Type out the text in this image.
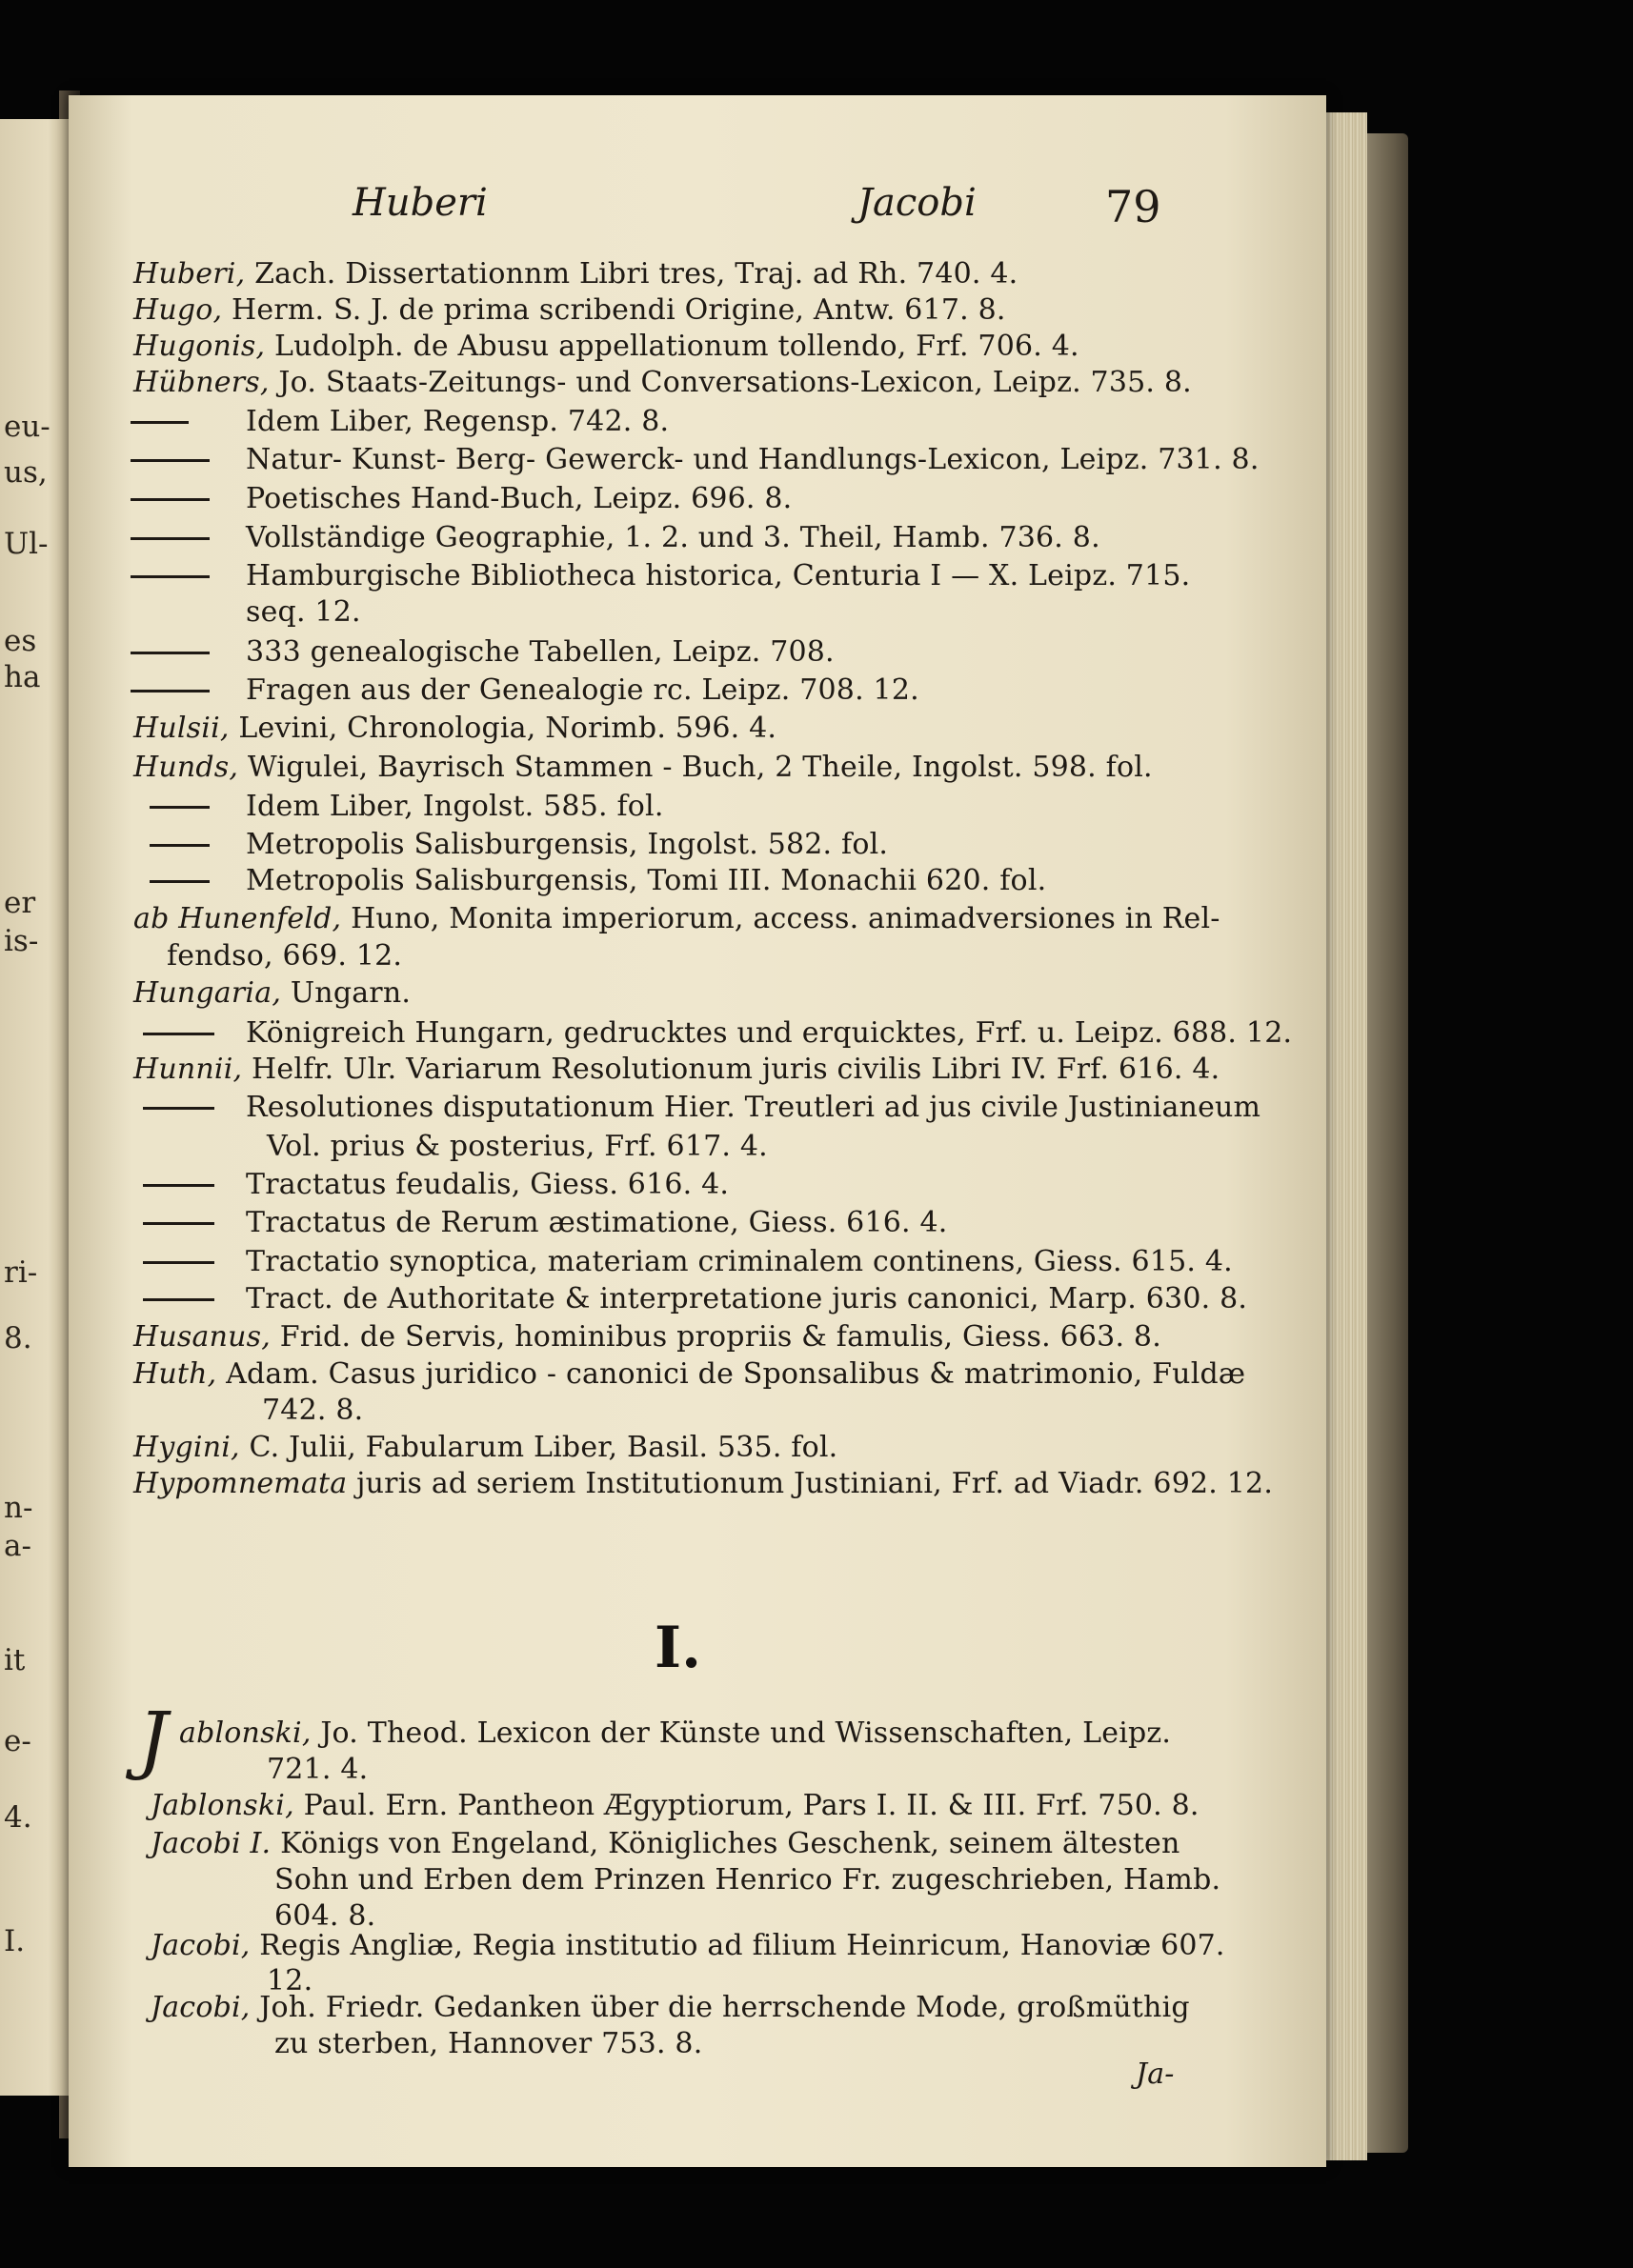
eu-
us,
Ul-
es
ha
er
is-
ri-
8.
n-
a-
it
e-
4.
I.
Huberi	Jacobi	79
Huberi, Zach. Dissertationnm Libri tres, Traj. ad Rh. 740. 4.
Hugo, Herm. S. J. de prima scribendi Origine, Antw. 617. 8.
Hugonis, Ludolph. de Abusu appellationum tollendo, Frf. 706. 4.
Hübners, Jo. Staats-Zeitungs- und Conversations-Lexicon, Leipz. 735. 8.
Idem Liber, Regensp. 742. 8.
Natur- Kunst- Berg- Gewerck- und Handlungs-Lexicon, Leipz. 731. 8.
Poetisches Hand-Buch, Leipz. 696. 8.
Vollständige Geographie, 1. 2. und 3. Theil, Hamb. 736. 8.
Hamburgische Bibliotheca historica, Centuria I — X. Leipz. 715.
seq. 12.
333 genealogische Tabellen, Leipz. 708.
Fragen aus der Genealogie rc. Leipz. 708. 12.
Hulsii, Levini, Chronologia, Norimb. 596. 4.
Hunds, Wigulei, Bayrisch Stammen - Buch, 2 Theile, Ingolst. 598. fol.
Idem Liber, Ingolst. 585. fol.
Metropolis Salisburgensis, Ingolst. 582. fol.
Metropolis Salisburgensis, Tomi III. Monachii 620. fol.
ab Hunenfeld, Huno, Monita imperiorum, access. animadversiones in Rel-
fendso, 669. 12.
Hungaria, Ungarn.
Königreich Hungarn, gedrucktes und erquicktes, Frf. u. Leipz. 688. 12.
Hunnii, Helfr. Ulr. Variarum Resolutionum juris civilis Libri IV. Frf. 616. 4.
Resolutiones disputationum Hier. Treutleri ad jus civile Justinianeum
Vol. prius & posterius, Frf. 617. 4.
Tractatus feudalis, Giess. 616. 4.
Tractatus de Rerum æstimatione, Giess. 616. 4.
Tractatio synoptica, materiam criminalem continens, Giess. 615. 4.
Tract. de Authoritate & interpretatione juris canonici, Marp. 630. 8.
Husanus, Frid. de Servis, hominibus propriis & famulis, Giess. 663. 8.
Huth, Adam. Casus juridico - canonici de Sponsalibus & matrimonio, Fuldæ
742. 8.
Hygini, C. Julii, Fabularum Liber, Basil. 535. fol.
Hypomnemata juris ad seriem Institutionum Justiniani, Frf. ad Viadr. 692. 12.
I.
J ablonski, Jo. Theod. Lexicon der Künste und Wissenschaften, Leipz.
721. 4.
Jablonski, Paul. Ern. Pantheon Ægyptiorum, Pars I. II. & III. Frf. 750. 8.
Jacobi I. Königs von Engeland, Königliches Geschenk, seinem ältesten
Sohn und Erben dem Prinzen Henrico Fr. zugeschrieben, Hamb.
604. 8.
Jacobi, Regis Angliæ, Regia institutio ad filium Heinricum, Hanoviæ 607.
12.
Jacobi, Joh. Friedr. Gedanken über die herrschende Mode, großmüthig
zu sterben, Hannover 753. 8.
Ja-
